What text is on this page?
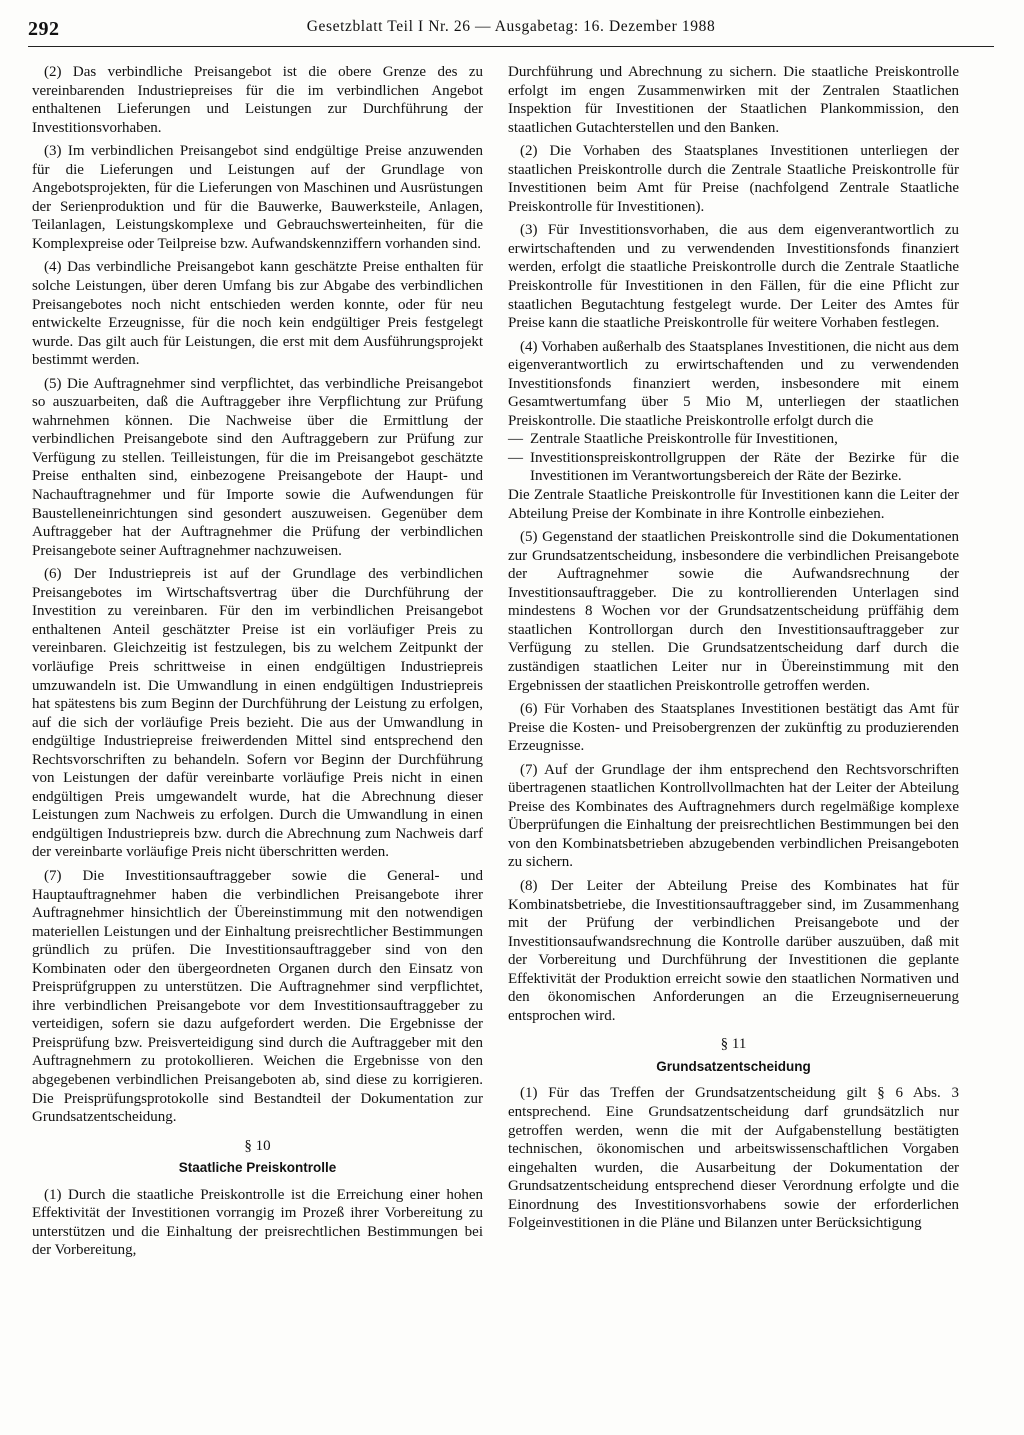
292	Gesetzblatt Teil I Nr. 26 — Ausgabetag: 16. Dezember 1988

(2) Das verbindliche Preisangebot ist die obere Grenze des zu vereinbarenden Industriepreises für die im verbindlichen Angebot enthaltenen Lieferungen und Leistungen zur Durchführung der Investitionsvorhaben.

(3) Im verbindlichen Preisangebot sind endgültige Preise anzuwenden für die Lieferungen und Leistungen auf der Grundlage von Angebotsprojekten, für die Lieferungen von Maschinen und Ausrüstungen der Serienproduktion und für die Bauwerke, Bauwerksteile, Anlagen, Teilanlagen, Leistungskomplexe und Gebrauchswerteinheiten, für die Komplexpreise oder Teilpreise bzw. Aufwandskennziffern vorhanden sind.

(4) Das verbindliche Preisangebot kann geschätzte Preise enthalten für solche Leistungen, über deren Umfang bis zur Abgabe des verbindlichen Preisangebotes noch nicht entschieden werden konnte, oder für neu entwickelte Erzeugnisse, für die noch kein endgültiger Preis festgelegt wurde. Das gilt auch für Leistungen, die erst mit dem Ausführungsprojekt bestimmt werden.

(5) Die Auftragnehmer sind verpflichtet, das verbindliche Preisangebot so auszuarbeiten, daß die Auftraggeber ihre Verpflichtung zur Prüfung wahrnehmen können. Die Nachweise über die Ermittlung der verbindlichen Preisangebote sind den Auftraggebern zur Prüfung zur Verfügung zu stellen. Teilleistungen, für die im Preisangebot geschätzte Preise enthalten sind, einbezogene Preisangebote der Haupt- und Nachauftragnehmer und für Importe sowie die Aufwendungen für Baustelleneinrichtungen sind gesondert auszuweisen. Gegenüber dem Auftraggeber hat der Auftragnehmer die Prüfung der verbindlichen Preisangebote seiner Auftragnehmer nachzuweisen.

(6) Der Industriepreis ist auf der Grundlage des verbindlichen Preisangebotes im Wirtschaftsvertrag über die Durchführung der Investition zu vereinbaren. Für den im verbindlichen Preisangebot enthaltenen Anteil geschätzter Preise ist ein vorläufiger Preis zu vereinbaren. Gleichzeitig ist festzulegen, bis zu welchem Zeitpunkt der vorläufige Preis schrittweise in einen endgültigen Industriepreis umzuwandeln ist. Die Umwandlung in einen endgültigen Industriepreis hat spätestens bis zum Beginn der Durchführung der Leistung zu erfolgen, auf die sich der vorläufige Preis bezieht. Die aus der Umwandlung in endgültige Industriepreise freiwerdenden Mittel sind entsprechend den Rechtsvorschriften zu behandeln. Sofern vor Beginn der Durchführung von Leistungen der dafür vereinbarte vorläufige Preis nicht in einen endgültigen Preis umgewandelt wurde, hat die Abrechnung dieser Leistungen zum Nachweis zu erfolgen. Durch die Umwandlung in einen endgültigen Industriepreis bzw. durch die Abrechnung zum Nachweis darf der vereinbarte vorläufige Preis nicht überschritten werden.

(7) Die Investitionsauftraggeber sowie die General- und Hauptauftragnehmer haben die verbindlichen Preisangebote ihrer Auftragnehmer hinsichtlich der Übereinstimmung mit den notwendigen materiellen Leistungen und der Einhaltung preisrechtlicher Bestimmungen gründlich zu prüfen. Die Investitionsauftraggeber sind von den Kombinaten oder den übergeordneten Organen durch den Einsatz von Preisprüfgruppen zu unterstützen. Die Auftragnehmer sind verpflichtet, ihre verbindlichen Preisangebote vor dem Investitionsauftraggeber zu verteidigen, sofern sie dazu aufgefordert werden. Die Ergebnisse der Preisprüfung bzw. Preisverteidigung sind durch die Auftraggeber mit den Auftragnehmern zu protokollieren. Weichen die Ergebnisse von den abgegebenen verbindlichen Preisangeboten ab, sind diese zu korrigieren. Die Preisprüfungsprotokolle sind Bestandteil der Dokumentation zur Grundsatzentscheidung.

§ 10
Staatliche Preiskontrolle

(1) Durch die staatliche Preiskontrolle ist die Erreichung einer hohen Effektivität der Investitionen vorrangig im Prozeß ihrer Vorbereitung zu unterstützen und die Einhaltung der preisrechtlichen Bestimmungen bei der Vorbereitung,

Durchführung und Abrechnung zu sichern. Die staatliche Preiskontrolle erfolgt im engen Zusammenwirken mit der Zentralen Staatlichen Inspektion für Investitionen der Staatlichen Plankommission, den staatlichen Gutachterstellen und den Banken.

(2) Die Vorhaben des Staatsplanes Investitionen unterliegen der staatlichen Preiskontrolle durch die Zentrale Staatliche Preiskontrolle für Investitionen beim Amt für Preise (nachfolgend Zentrale Staatliche Preiskontrolle für Investitionen).

(3) Für Investitionsvorhaben, die aus dem eigenverantwortlich zu erwirtschaftenden und zu verwendenden Investitionsfonds finanziert werden, erfolgt die staatliche Preiskontrolle durch die Zentrale Staatliche Preiskontrolle für Investitionen in den Fällen, für die eine Pflicht zur staatlichen Begutachtung festgelegt wurde. Der Leiter des Amtes für Preise kann die staatliche Preiskontrolle für weitere Vorhaben festlegen.

(4) Vorhaben außerhalb des Staatsplanes Investitionen, die nicht aus dem eigenverantwortlich zu erwirtschaftenden und zu verwendenden Investitionsfonds finanziert werden, insbesondere mit einem Gesamtwertumfang über 5 Mio M, unterliegen der staatlichen Preiskontrolle. Die staatliche Preiskontrolle erfolgt durch die

— Zentrale Staatliche Preiskontrolle für Investitionen,
— Investitionspreiskontrollgruppen der Räte der Bezirke für die Investitionen im Verantwortungsbereich der Räte der Bezirke.

Die Zentrale Staatliche Preiskontrolle für Investitionen kann die Leiter der Abteilung Preise der Kombinate in ihre Kontrolle einbeziehen.

(5) Gegenstand der staatlichen Preiskontrolle sind die Dokumentationen zur Grundsatzentscheidung, insbesondere die verbindlichen Preisangebote der Auftragnehmer sowie die Aufwandsrechnung der Investitionsauftraggeber. Die zu kontrollierenden Unterlagen sind mindestens 8 Wochen vor der Grundsatzentscheidung prüffähig dem staatlichen Kontrollorgan durch den Investitionsauftraggeber zur Verfügung zu stellen. Die Grundsatzentscheidung darf durch die zuständigen staatlichen Leiter nur in Übereinstimmung mit den Ergebnissen der staatlichen Preiskontrolle getroffen werden.

(6) Für Vorhaben des Staatsplanes Investitionen bestätigt das Amt für Preise die Kosten- und Preisobergrenzen der zukünftig zu produzierenden Erzeugnisse.

(7) Auf der Grundlage der ihm entsprechend den Rechtsvorschriften übertragenen staatlichen Kontrollvollmachten hat der Leiter der Abteilung Preise des Kombinates des Auftragnehmers durch regelmäßige komplexe Überprüfungen die Einhaltung der preisrechtlichen Bestimmungen bei den von den Kombinatsbetrieben abzugebenden verbindlichen Preisangeboten zu sichern.

(8) Der Leiter der Abteilung Preise des Kombinates hat für Kombinatsbetriebe, die Investitionsauftraggeber sind, im Zusammenhang mit der Prüfung der verbindlichen Preisangebote und der Investitionsaufwandsrechnung die Kontrolle darüber auszuüben, daß mit der Vorbereitung und Durchführung der Investitionen die geplante Effektivität der Produktion erreicht sowie den staatlichen Normativen und den ökonomischen Anforderungen an die Erzeugniserneuerung entsprochen wird.

§ 11
Grundsatzentscheidung

(1) Für das Treffen der Grundsatzentscheidung gilt § 6 Abs. 3 entsprechend. Eine Grundsatzentscheidung darf grundsätzlich nur getroffen werden, wenn die mit der Aufgabenstellung bestätigten technischen, ökonomischen und arbeitswissenschaftlichen Vorgaben eingehalten wurden, die Ausarbeitung der Dokumentation der Grundsatzentscheidung entsprechend dieser Verordnung erfolgte und die Einordnung des Investitionsvorhabens sowie der erforderlichen Folgeinvestitionen in die Pläne und Bilanzen unter Berücksichtigung
